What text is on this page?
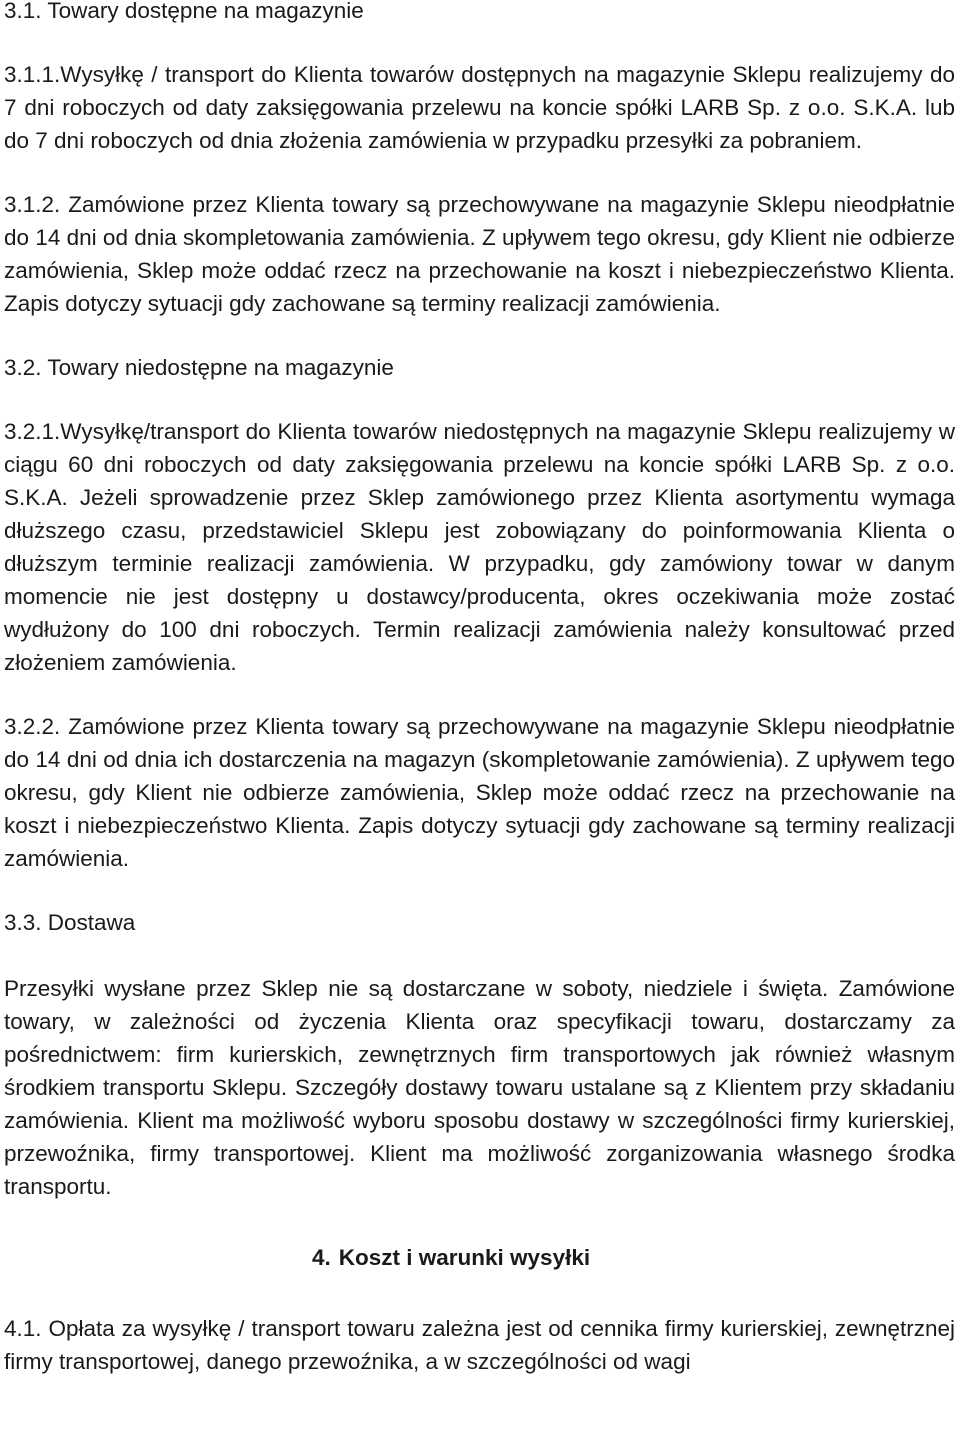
3.1. Towary dostępne na magazynie

3.1.1.Wysyłkę / transport do Klienta towarów dostępnych na magazynie Sklepu realizujemy do 7 dni roboczych od daty zaksięgowania przelewu na koncie spółki LARB Sp. z o.o. S.K.A. lub do 7 dni roboczych od dnia złożenia zamówienia w przypadku przesyłki za pobraniem.

3.1.2. Zamówione przez Klienta towary są przechowywane na magazynie Sklepu nieodpłatnie do 14 dni od dnia skompletowania zamówienia. Z upływem tego okresu, gdy Klient nie odbierze zamówienia, Sklep może oddać rzecz na przechowanie na koszt i niebezpieczeństwo Klienta. Zapis dotyczy sytuacji gdy zachowane są terminy realizacji zamówienia.

3.2. Towary niedostępne na magazynie

3.2.1.Wysyłkę/transport do Klienta towarów niedostępnych na magazynie Sklepu realizujemy w ciągu 60 dni roboczych od daty zaksięgowania przelewu na koncie spółki LARB Sp. z o.o. S.K.A. Jeżeli sprowadzenie przez Sklep zamówionego przez Klienta asortymentu wymaga dłuższego czasu, przedstawiciel Sklepu jest zobowiązany do poinformowania Klienta o dłuższym terminie realizacji zamówienia. W przypadku, gdy zamówiony towar w danym momencie nie jest dostępny u dostawcy/producenta, okres oczekiwania może zostać wydłużony do 100 dni roboczych. Termin realizacji zamówienia należy konsultować przed złożeniem zamówienia.

3.2.2. Zamówione przez Klienta towary są przechowywane na magazynie Sklepu nieodpłatnie do 14 dni od dnia ich dostarczenia na magazyn (skompletowanie zamówienia). Z upływem tego okresu, gdy Klient nie odbierze zamówienia, Sklep może oddać rzecz na przechowanie na koszt i niebezpieczeństwo Klienta. Zapis dotyczy sytuacji gdy zachowane są terminy realizacji zamówienia.

3.3. Dostawa

Przesyłki wysłane przez Sklep nie są dostarczane w soboty, niedziele i święta. Zamówione towary, w zależności od życzenia Klienta oraz specyfikacji towaru, dostarczamy za pośrednictwem: firm kurierskich, zewnętrznych firm transportowych jak również własnym środkiem transportu Sklepu. Szczegóły dostawy towaru ustalane są z Klientem przy składaniu zamówienia. Klient ma możliwość wyboru sposobu dostawy w szczególności firmy kurierskiej, przewoźnika, firmy transportowej. Klient ma możliwość zorganizowania własnego środka transportu.

4. Koszt i warunki wysyłki

4.1. Opłata za wysyłkę / transport towaru zależna jest od cennika firmy kurierskiej, zewnętrznej firmy transportowej, danego przewoźnika, a w szczególności od wagi
